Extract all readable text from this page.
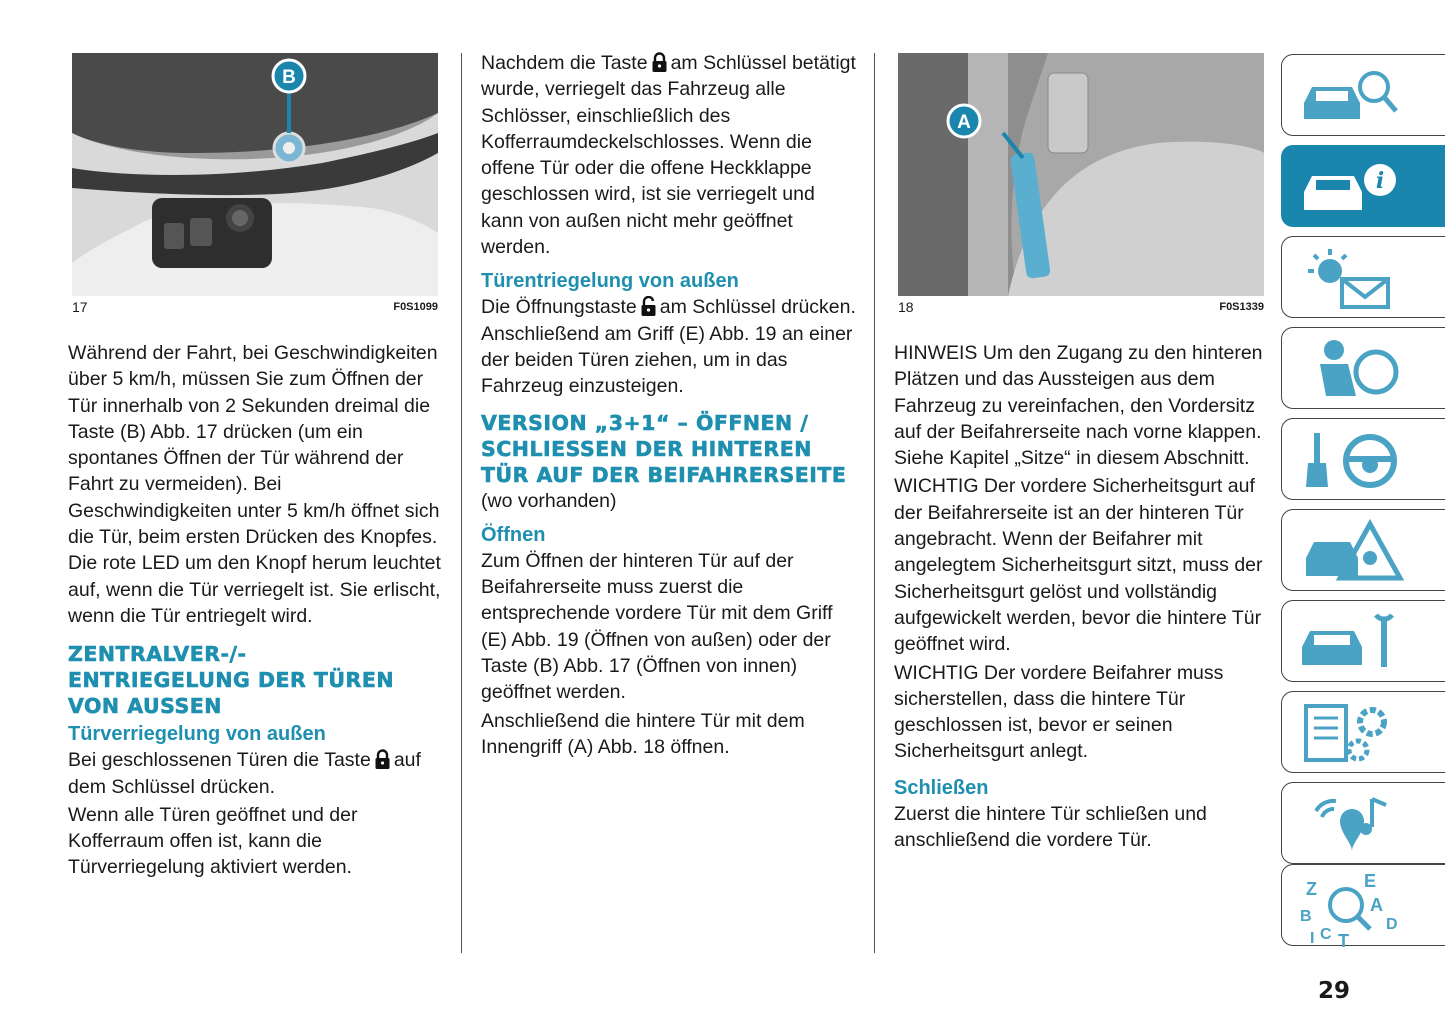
B
17	F0S1099
A
18	F0S1339

Während der Fahrt, bei Geschwindigkeiten über 5 km/h, müssen Sie zum Öffnen der Tür innerhalb von 2 Sekunden dreimal die Taste (B) Abb. 17 drücken (um ein spontanes Öffnen der Tür während der Fahrt zu vermeiden). Bei Geschwindigkeiten unter 5 km/h öffnet sich die Tür, beim ersten Drücken des Knopfes. Die rote LED um den Knopf herum leuchtet auf, wenn die Tür verriegelt ist. Sie erlischt, wenn die Tür entriegelt wird.

ZENTRALVER-/-ENTRIEGELUNG DER TÜREN VON AUSSEN
Türverriegelung von außen

Bei geschlossenen Türen die Taste auf dem Schlüssel drücken.

Wenn alle Türen geöffnet und der Kofferraum offen ist, kann die Türverriegelung aktiviert werden.

Nachdem die Taste am Schlüssel betätigt wurde, verriegelt das Fahrzeug alle Schlösser, einschließlich des Kofferraumdeckelschlosses. Wenn die offene Tür oder die offene Heckklappe geschlossen wird, ist sie verriegelt und kann von außen nicht mehr geöffnet werden.

Türentriegelung von außen

Die Öffnungstaste am Schlüssel drücken. Anschließend am Griff (E) Abb. 19 an einer der beiden Türen ziehen, um in das Fahrzeug einzusteigen.

VERSION „3+1“ – ÖFFNEN / SCHLIESSEN DER HINTEREN TÜR AUF DER BEIFAHRERSEITE

(wo vorhanden)

Öffnen

Zum Öffnen der hinteren Tür auf der Beifahrerseite muss zuerst die entsprechende vordere Tür mit dem Griff (E) Abb. 19 (Öffnen von außen) oder der Taste (B) Abb. 17 (Öffnen von innen) geöffnet werden.

Anschließend die hintere Tür mit dem Innengriff (A) Abb. 18 öffnen.

HINWEIS Um den Zugang zu den hinteren Plätzen und das Aussteigen aus dem Fahrzeug zu vereinfachen, den Vordersitz auf der Beifahrerseite nach vorne klappen. Siehe Kapitel „Sitze“ in diesem Abschnitt.

WICHTIG Der vordere Sicherheitsgurt auf der Beifahrerseite ist an der hinteren Tür angebracht. Wenn der Beifahrer mit angelegtem Sicherheitsgurt sitzt, muss der Sicherheitsgurt gelöst und vollständig aufgewickelt werden, bevor die hintere Tür geöffnet wird.

WICHTIG Der vordere Beifahrer muss sicherstellen, dass die hintere Tür geschlossen ist, bevor er seinen Sicherheitsgurt anlegt.

Schließen

Zuerst die hintere Tür schließen und anschließend die vordere Tür.

i
Z	E
A
B	D
I C T
29
